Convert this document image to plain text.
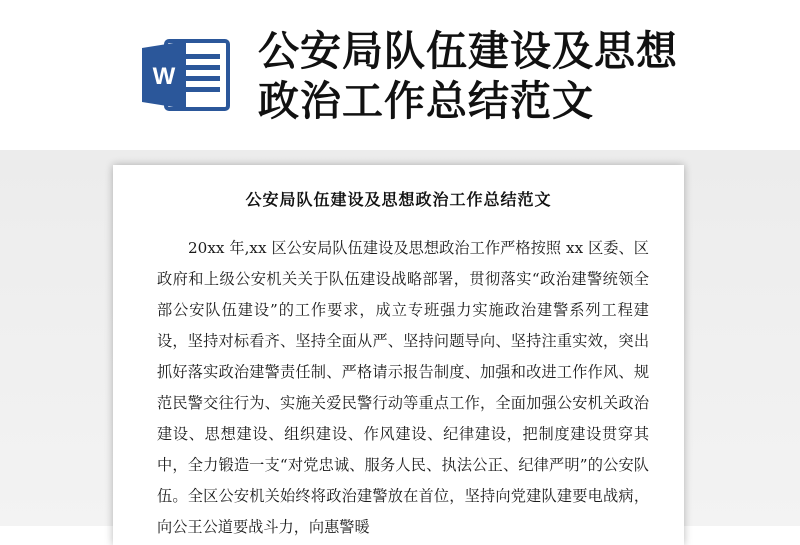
W
公安局队伍建设及思想政治工作总结范文
公安局队伍建设及思想政治工作总结范文
20xx 年,xx 区公安局队伍建设及思想政治工作严格按照 xx 区委、区政府和上级公安机关关于队伍建设战略部署，贯彻落实“政治建警统领全部公安队伍建设”的工作要求，成立专班强力实施政治建警系列工程建设，坚持对标看齐、坚持全面从严、坚持问题导向、坚持注重实效，突出抓好落实政治建警责任制、严格请示报告制度、加强和改进工作作风、规范民警交往行为、实施关爱民警行动等重点工作，全面加强公安机关政治建设、思想建设、组织建设、作风建设、纪律建设，把制度建设贯穿其中，全力锻造一支“对党忠诚、服务人民、执法公正、纪律严明”的公安队伍。全区公安机关始终将政治建警放在首位，坚持向党建队建要电战病，向公王公道要战斗力，向惠警暖
